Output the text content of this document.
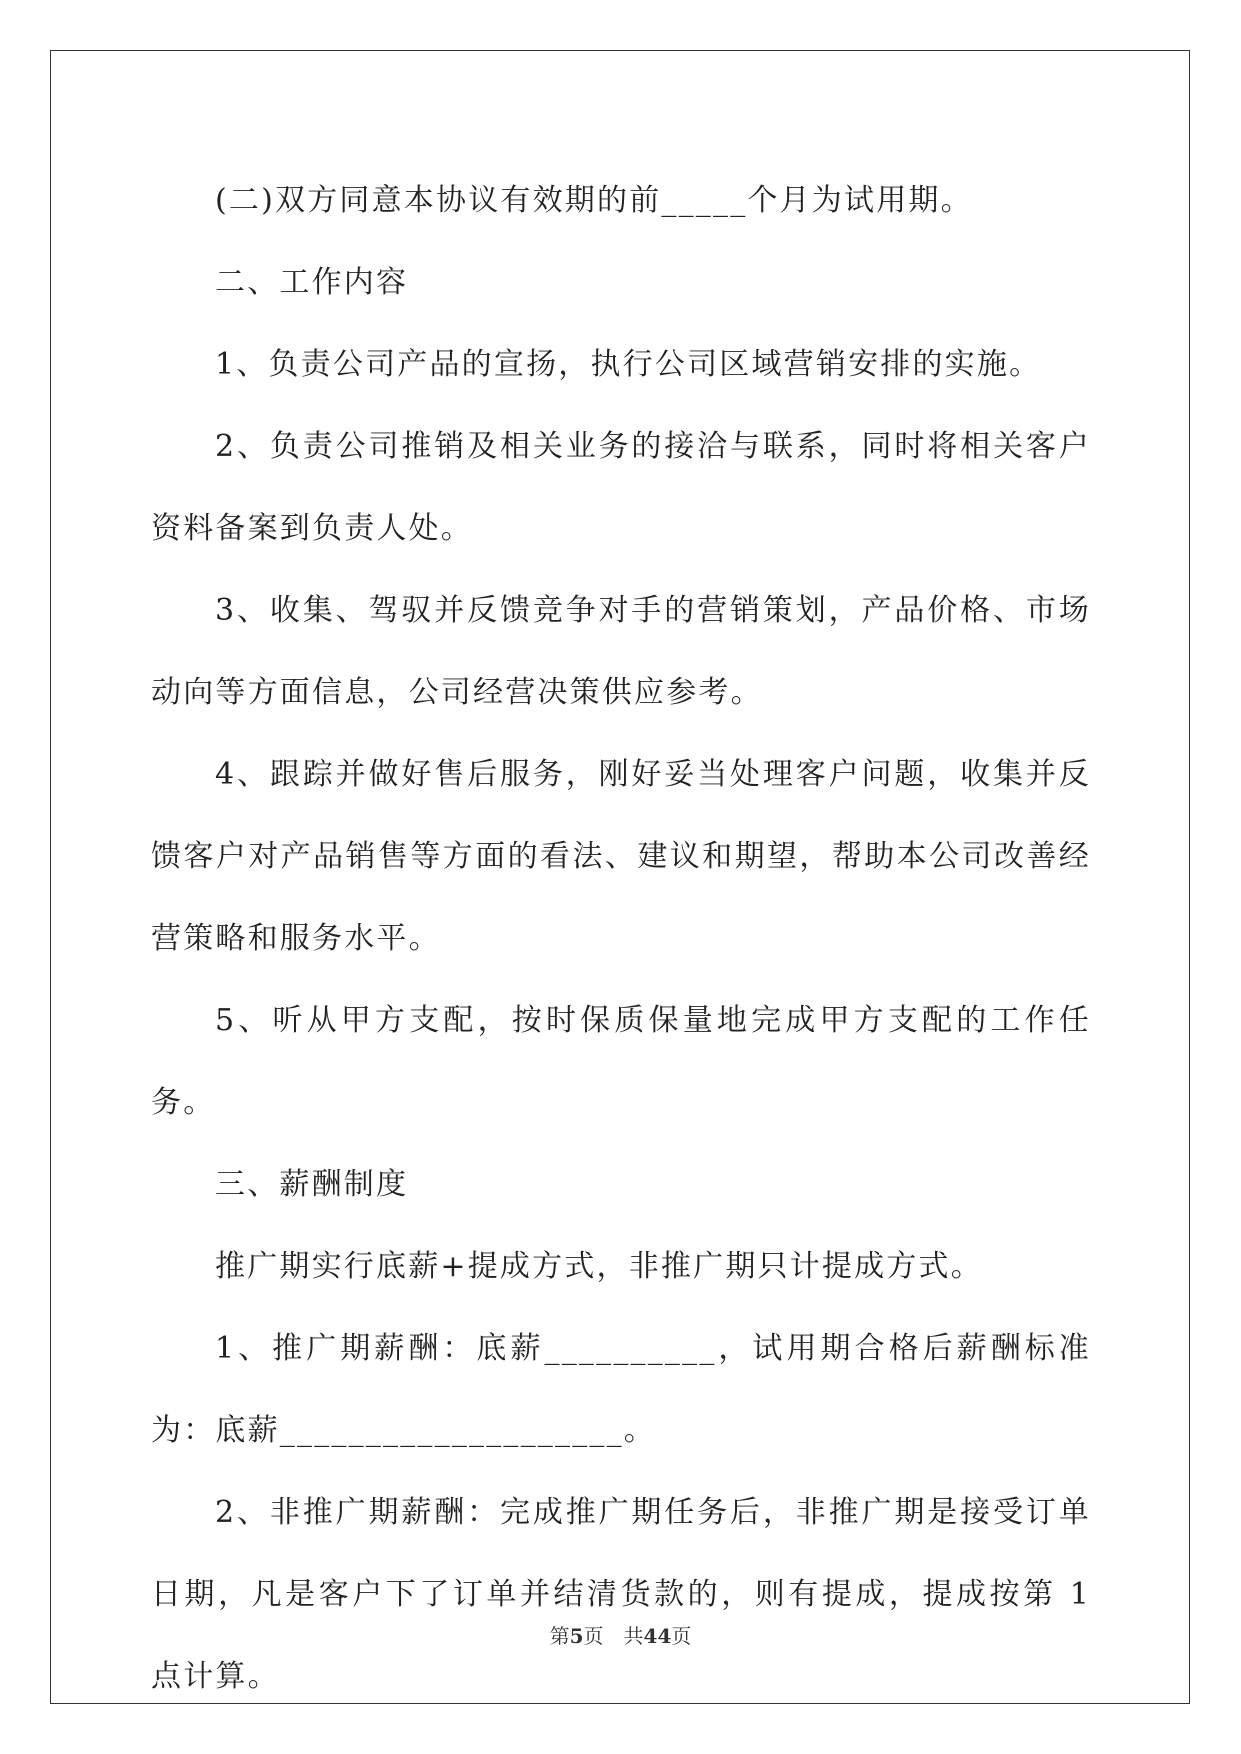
(二)双方同意本协议有效期的前_____个月为试用期。

二、工作内容

1、负责公司产品的宣扬，执行公司区域营销安排的实施。

2、负责公司推销及相关业务的接洽与联系，同时将相关客户资料备案到负责人处。

3、收集、驾驭并反馈竞争对手的营销策划，产品价格、市场动向等方面信息，公司经营决策供应参考。

4、跟踪并做好售后服务，刚好妥当处理客户问题，收集并反馈客户对产品销售等方面的看法、建议和期望，帮助本公司改善经营策略和服务水平。

5、听从甲方支配，按时保质保量地完成甲方支配的工作任务。

三、薪酬制度

推广期实行底薪+提成方式，非推广期只计提成方式。

1、推广期薪酬：底薪__________，试用期合格后薪酬标准为：底薪____________________。

2、非推广期薪酬：完成推广期任务后，非推广期是接受订单日期，凡是客户下了订单并结清货款的，则有提成，提成按第 1 点计算。

第5页 共44页
